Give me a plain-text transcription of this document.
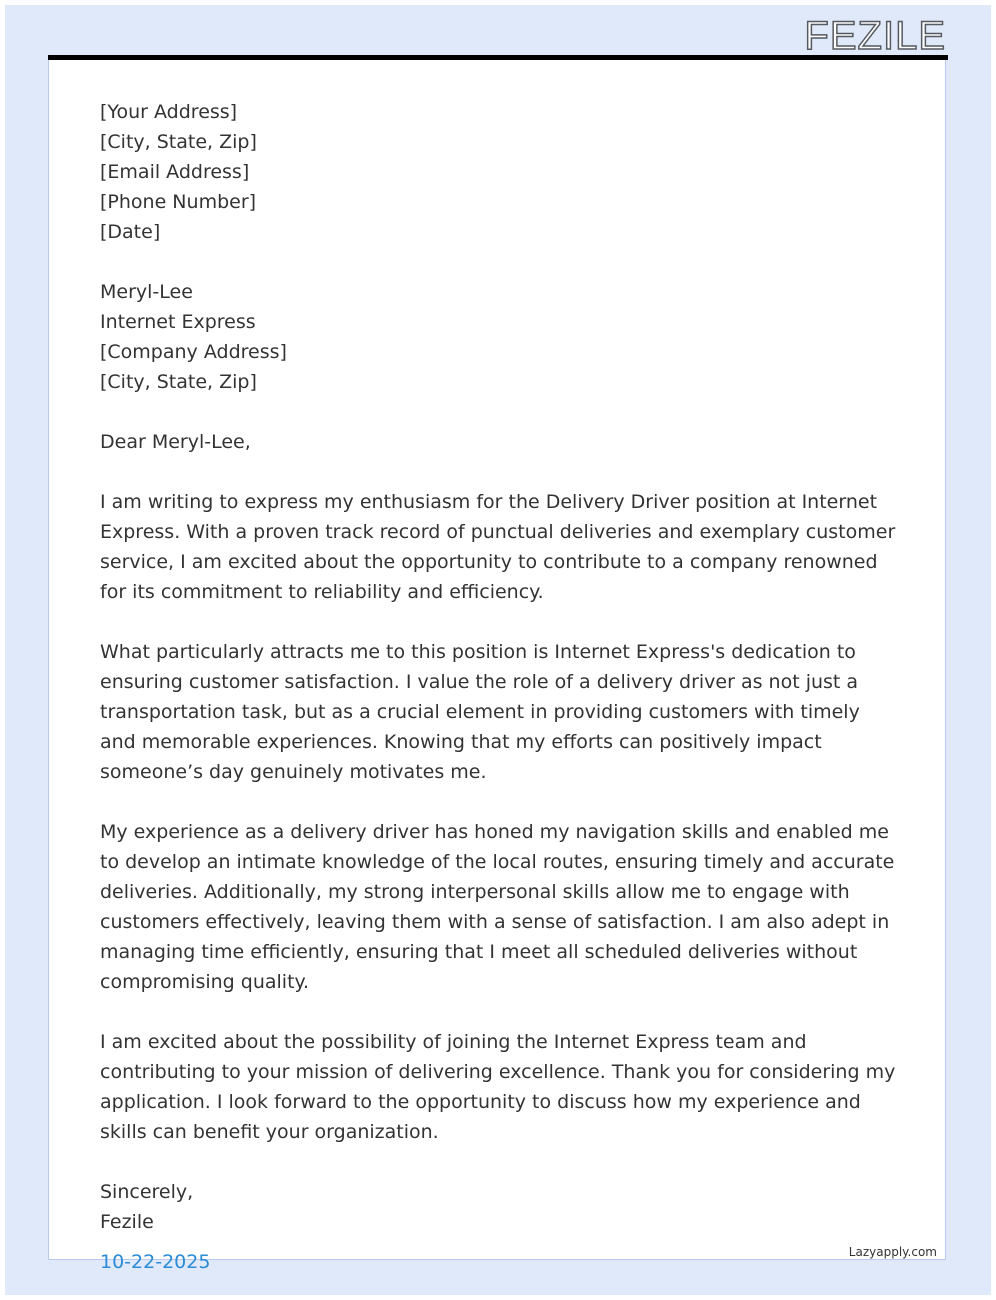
FEZILE
[Your Address]
[City, State, Zip]
[Email Address]
[Phone Number]
[Date]
Meryl-Lee
Internet Express
[Company Address]
[City, State, Zip]

Dear Meryl-Lee,

I am writing to express my enthusiasm for the Delivery Driver position at Internet Express. With a proven track record of punctual deliveries and exemplary customer service, I am excited about the opportunity to contribute to a company renowned for its commitment to reliability and efficiency.

What particularly attracts me to this position is Internet Express's dedication to ensuring customer satisfaction. I value the role of a delivery driver as not just a transportation task, but as a crucial element in providing customers with timely and memorable experiences. Knowing that my efforts can positively impact someone’s day genuinely motivates me.

My experience as a delivery driver has honed my navigation skills and enabled me to develop an intimate knowledge of the local routes, ensuring timely and accurate deliveries. Additionally, my strong interpersonal skills allow me to engage with customers effectively, leaving them with a sense of satisfaction. I am also adept in managing time efficiently, ensuring that I meet all scheduled deliveries without compromising quality.

I am excited about the possibility of joining the Internet Express team and contributing to your mission of delivering excellence. Thank you for considering my application. I look forward to the opportunity to discuss how my experience and skills can benefit your organization.

Sincerely,
Fezile
10-22-2025	Lazyapply.com
